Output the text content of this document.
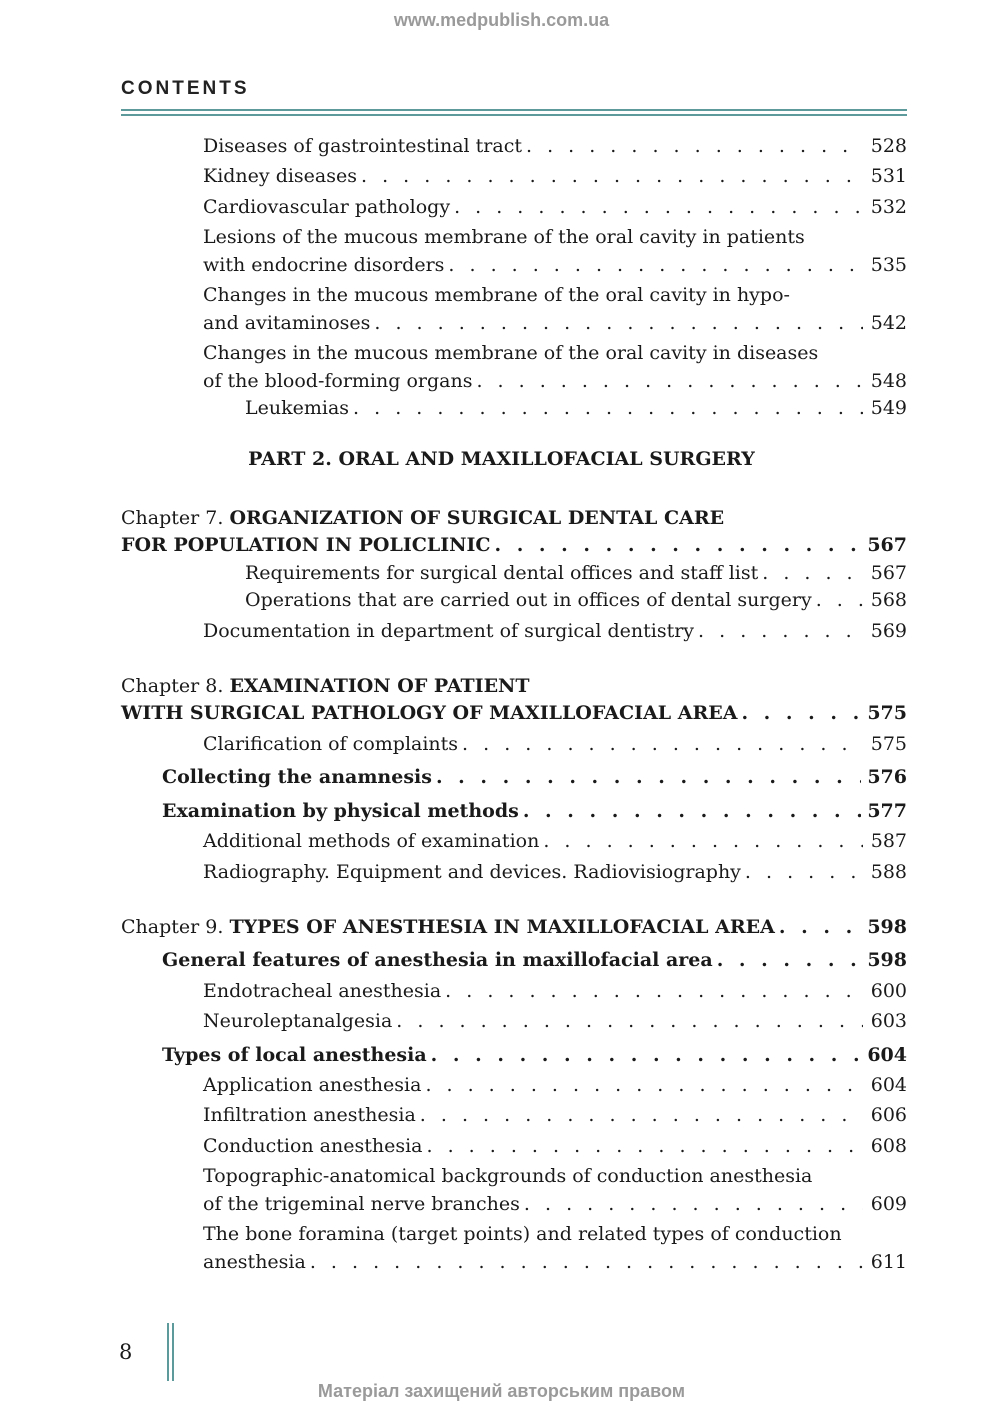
www.medpublish.com.ua
CONTENTS
Diseases of gastrointestinal tract . . .	528
Kidney diseases . . .	531
Cardiovascular pathology . . .	532
Lesions of the mucous membrane of the oral cavity in patients
with endocrine disorders . . .	535
Changes in the mucous membrane of the oral cavity in hypo-
and avitaminoses . . .	542
Changes in the mucous membrane of the oral cavity in diseases
of the blood-forming organs . . .	548
Leukemias . . .	549
PART 2. ORAL AND MAXILLOFACIAL SURGERY
Chapter 7. ORGANIZATION OF SURGICAL DENTAL CARE
FOR POPULATION IN POLICLINIC . . .	567
Requirements for surgical dental offices and staff list . . .	567
Operations that are carried out in offices of dental surgery . . .	568
Documentation in department of surgical dentistry . . .	569
Chapter 8. EXAMINATION OF PATIENT
WITH SURGICAL PATHOLOGY OF MAXILLOFACIAL AREA . . .	575
Clarification of complaints . . .	575
Collecting the anamnesis . . .	576
Examination by physical methods . . .	577
Additional methods of examination . . .	587
Radiography. Equipment and devices. Radiovisiography . . .	588
Chapter 9. TYPES OF ANESTHESIA IN MAXILLOFACIAL AREA . . .	598
General features of anesthesia in maxillofacial area . . .	598
Endotracheal anesthesia . . .	600
Neuroleptanalgesia . . .	603
Types of local anesthesia . . .	604
Application anesthesia . . .	604
Infiltration anesthesia . . .	606
Conduction anesthesia . . .	608
Topographic-anatomical backgrounds of conduction anesthesia
of the trigeminal nerve branches . . .	609
The bone foramina (target points) and related types of conduction
anesthesia . . .	611
8
Матеріал захищений авторським правом
